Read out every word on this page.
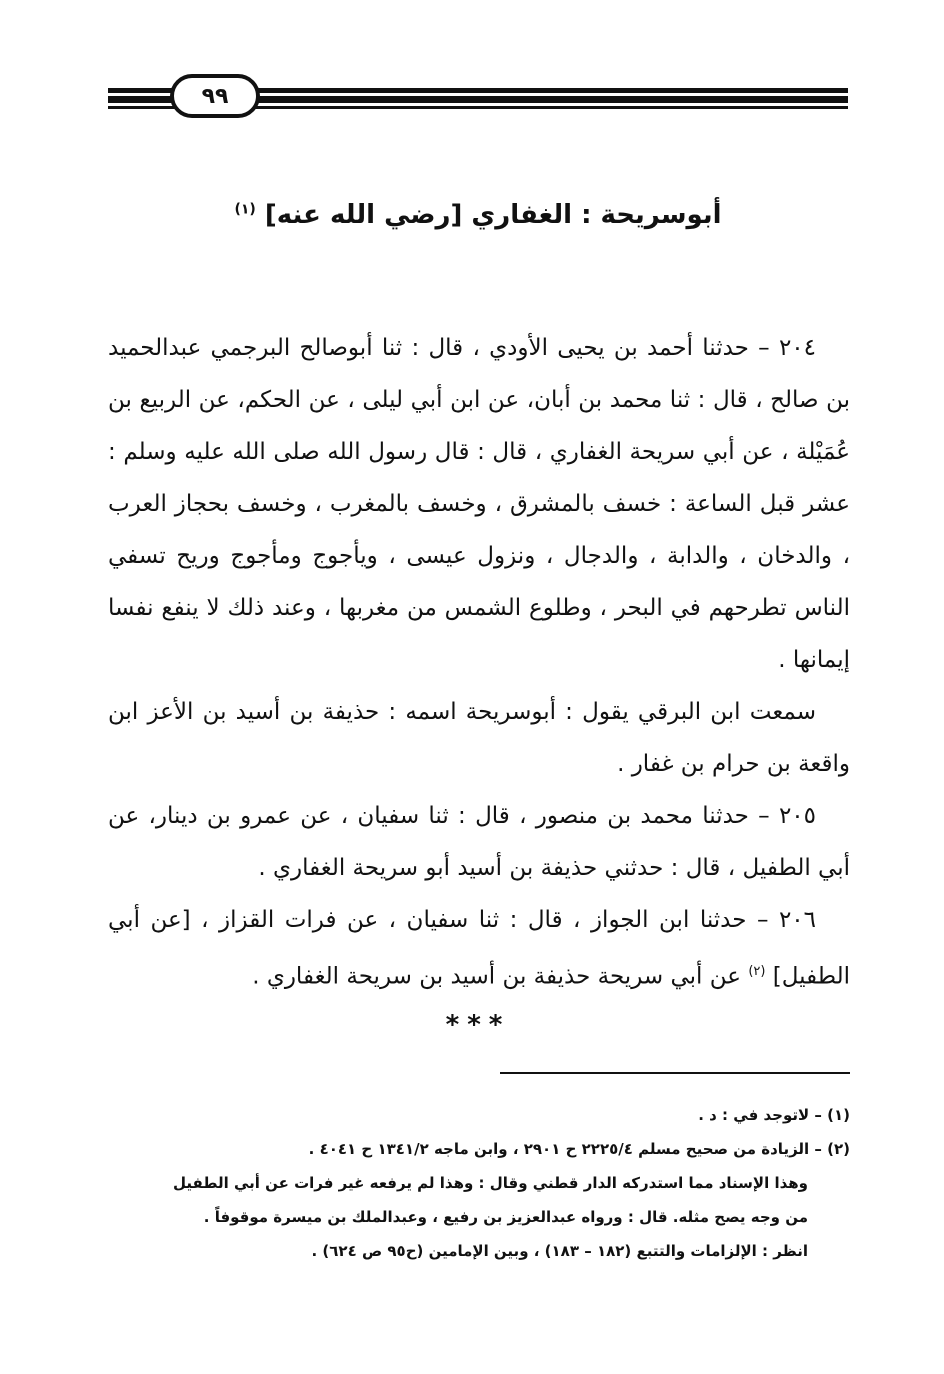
٩٩
أبوسريحة : الغفاري [رضي الله عنه] $^{(١)}$

٢٠٤ – حدثنا أحمد بن يحيى الأودي ، قال : ثنا أبوصالح البرجمي عبدالحميد بن صالح ، قال : ثنا محمد بن أبان، عن ابن أبي ليلى ، عن الحكم، عن الربيع بن عُمَيْلة ، عن أبي سريحة الغفاري ، قال : قال رسول الله صلى الله عليه وسلم : عشر قبل الساعة : خسف بالمشرق ، وخسف بالمغرب ، وخسف بحجاز العرب ، والدخان ، والدابة ، والدجال ، ونزول عيسى ، ويأجوج ومأجوج وريح تسفي الناس تطرحهم في البحر ، وطلوع الشمس من مغربها ، وعند ذلك لا ينفع نفسا إيمانها .

سمعت ابن البرقي يقول : أبوسريحة اسمه : حذيفة بن أسيد بن الأعز ابن واقعة بن حرام بن غفار .

٢٠٥ – حدثنا محمد بن منصور ، قال : ثنا سفيان ، عن عمرو بن دينار، عن أبي الطفيل ، قال : حدثني حذيفة بن أسيد أبو سريحة الغفاري .

٢٠٦ – حدثنا ابن الجواز ، قال : ثنا سفيان ، عن فرات القزاز ، [عن أبي الطفيل] $^{(٢)}$ عن أبي سريحة حذيفة بن أسيد بن سريحة الغفاري .

***

(١) – لاتوجد في : د .

(٢) – الزيادة من صحيح مسلم ٢٢٢٥/٤ ح ٢٩٠١ ، وابن ماجه ١٣٤١/٢ ح ٤٠٤١ .

وهذا الإسناد مما استدركه الدار قطني وقال : وهذا لم يرفعه غير فرات عن أبي الطفيل

من وجه يصح مثله. قال : ورواه عبدالعزيز بن رفيع ، وعبدالملك بن ميسرة موقوفاً .

انظر : الإلزامات والتتبع (١٨٢ – ١٨٣) ، وبين الإمامين (ح٩٥ ص ٦٢٤) .
